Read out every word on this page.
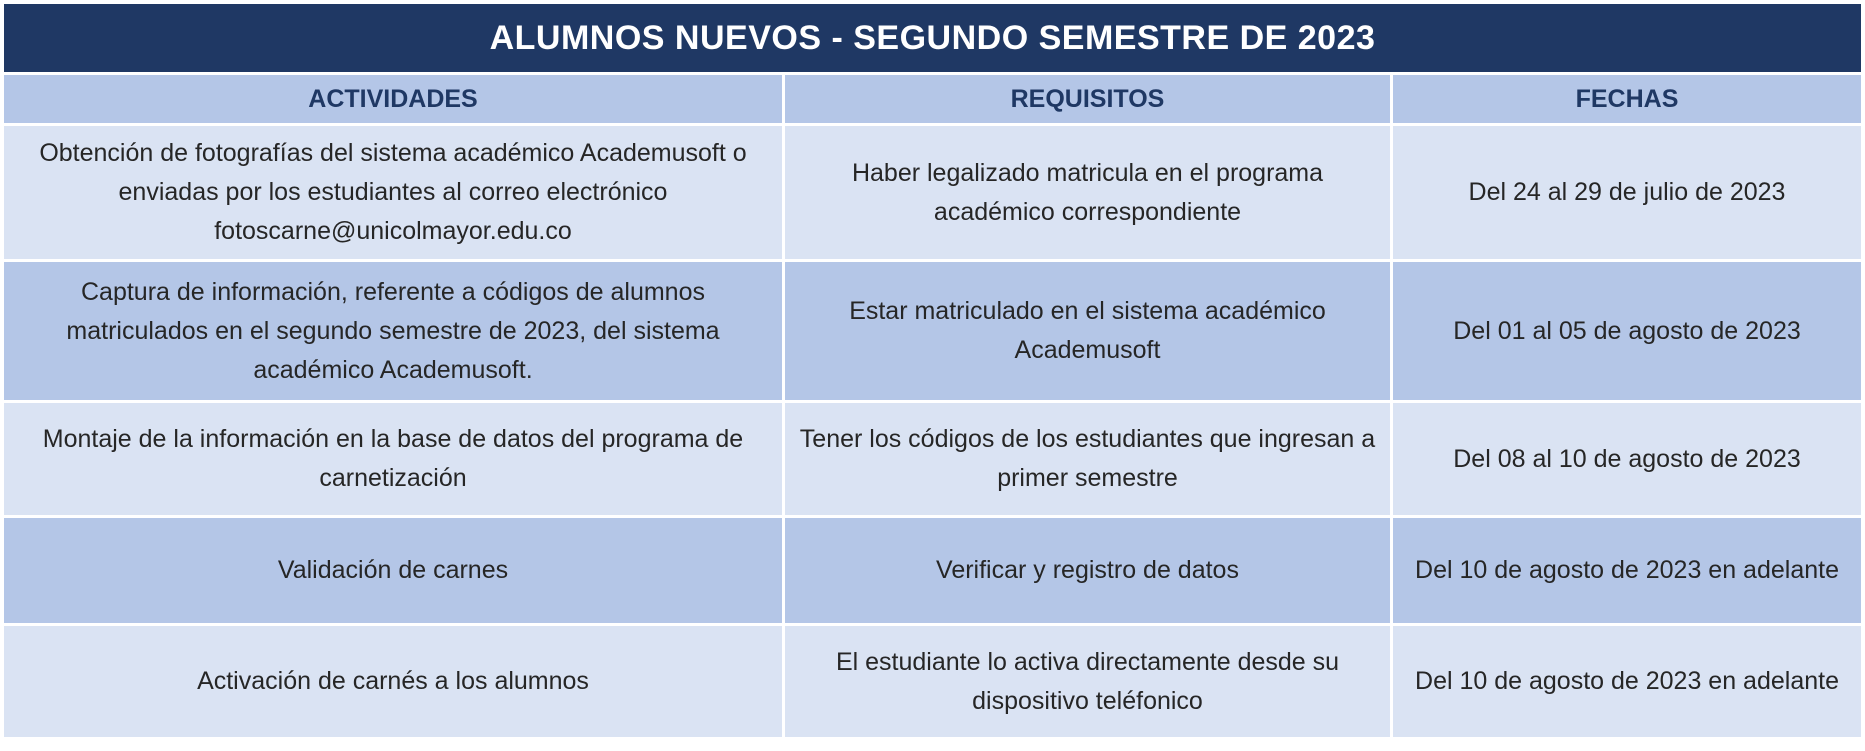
ALUMNOS NUEVOS - SEGUNDO SEMESTRE DE 2023
ACTIVIDADES	REQUISITOS	FECHAS
Obtención de fotografías del sistema académico Academusoft o enviadas por los estudiantes al correo electrónico fotoscarne@unicolmayor.edu.co	Haber legalizado matricula en el programa académico correspondiente	Del 24 al 29 de julio de 2023
Captura de información, referente a códigos de alumnos matriculados en el segundo semestre de 2023, del sistema académico Academusoft.	Estar matriculado en el sistema académico Academusoft	Del 01 al 05 de agosto de 2023
Montaje de la información en la base de datos del programa de carnetización	Tener los códigos de los estudiantes que ingresan a primer semestre	Del 08 al 10 de agosto de 2023
Validación de carnes	Verificar y registro de datos	Del 10 de agosto de 2023 en adelante
Activación de carnés a los alumnos	El estudiante lo activa directamente desde su dispositivo teléfonico	Del 10 de agosto de 2023 en adelante
